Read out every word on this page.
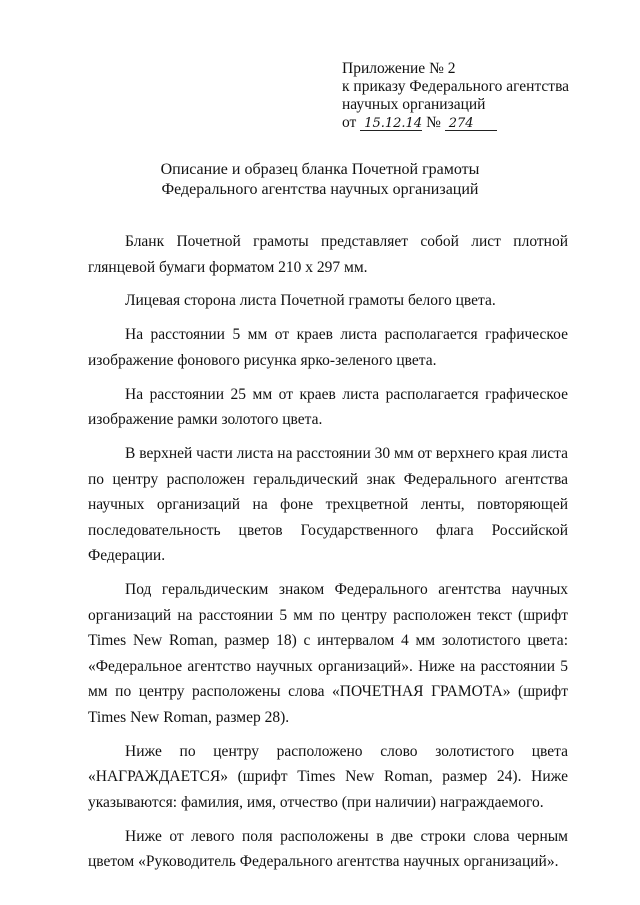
Приложение № 2
к приказу Федерального агентства
научных организаций
от 15.12.14 № 274
Описание и образец бланка Почетной грамоты
Федерального агентства научных организаций

Бланк Почетной грамоты представляет собой лист плотной глянцевой бумаги форматом 210 x 297 мм.

Лицевая сторона листа Почетной грамоты белого цвета.

На расстоянии 5 мм от краев листа располагается графическое изображение фонового рисунка ярко-зеленого цвета.

На расстоянии 25 мм от краев листа располагается графическое изображение рамки золотого цвета.

В верхней части листа на расстоянии 30 мм от верхнего края листа по центру расположен геральдический знак Федерального агентства научных организаций на фоне трехцветной ленты, повторяющей последовательность цветов Государственного флага Российской Федерации.

Под геральдическим знаком Федерального агентства научных организаций на расстоянии 5 мм по центру расположен текст (шрифт Times New Roman, размер 18) с интервалом 4 мм золотистого цвета: «Федеральное агентство научных организаций». Ниже на расстоянии 5 мм по центру расположены слова «ПОЧЕТНАЯ ГРАМОТА» (шрифт Times New Roman, размер 28).

Ниже по центру расположено слово золотистого цвета «НАГРАЖДАЕТСЯ» (шрифт Times New Roman, размер 24). Ниже указываются: фамилия, имя, отчество (при наличии) награждаемого.

Ниже от левого поля расположены в две строки слова черным цветом «Руководитель Федерального агентства научных организаций».
